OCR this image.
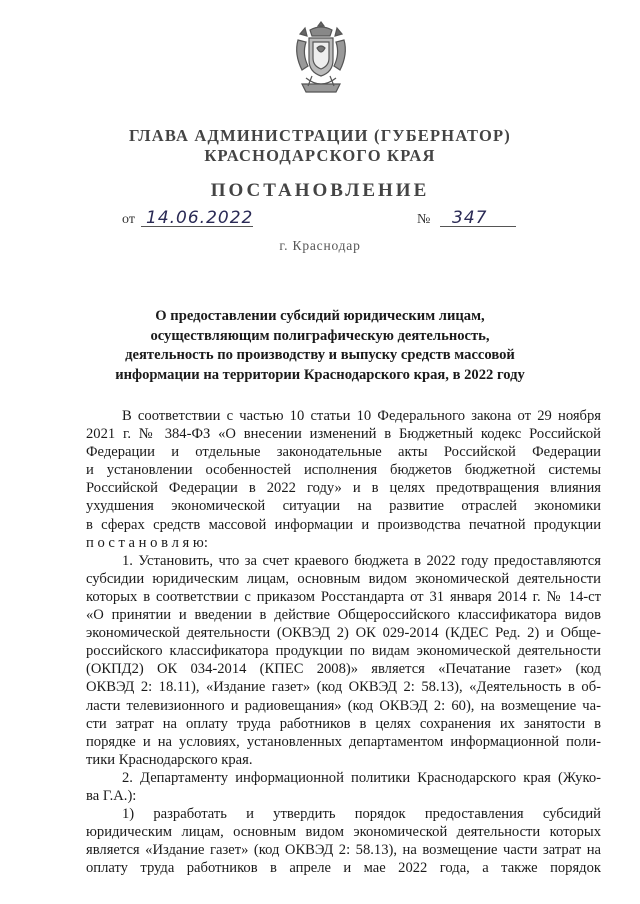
ГЛАВА АДМИНИСТРАЦИИ (ГУБЕРНАТОР)
КРАСНОДАРСКОГО КРАЯ
ПОСТАНОВЛЕНИЕ
от 14.06.2022	№ 347
г. Краснодар
О предоставлении субсидий юридическим лицам,
осуществляющим полиграфическую деятельность,
деятельность по производству и выпуску средств массовой
информации на территории Краснодарского края, в 2022 году
В соответствии с частью 10 статьи 10 Федерального закона от 29 ноября
2021 г. № 384-ФЗ «О внесении изменений в Бюджетный кодекс Российской
Федерации и отдельные законодательные акты Российской Федерации
и установлении особенностей исполнения бюджетов бюджетной системы
Российской Федерации в 2022 году» и в целях предотвращения влияния
ухудшения экономической ситуации на развитие отраслей экономики
в сферах средств массовой информации и производства печатной продукции
п о с т а н о в л я ю:
1. Установить, что за счет краевого бюджета в 2022 году предоставляются
субсидии юридическим лицам, основным видом экономической деятельности
которых в соответствии с приказом Росстандарта от 31 января 2014 г. № 14-ст
«О принятии и введении в действие Общероссийского классификатора видов
экономической деятельности (ОКВЭД 2) ОК 029-2014 (КДЕС Ред. 2) и Обще-
российского классификатора продукции по видам экономической деятельности
(ОКПД2) ОК 034-2014 (КПЕС 2008)» является «Печатание газет» (код
ОКВЭД 2: 18.11), «Издание газет» (код ОКВЭД 2: 58.13), «Деятельность в об-
ласти телевизионного и радиовещания» (код ОКВЭД 2: 60), на возмещение ча-
сти затрат на оплату труда работников в целях сохранения их занятости в
порядке и на условиях, установленных департаментом информационной поли-
тики Краснодарского края.
2. Департаменту информационной политики Краснодарского края (Жуко-
ва Г.А.):
1) разработать и утвердить порядок предоставления субсидий
юридическим лицам, основным видом экономической деятельности которых
является «Издание газет» (код ОКВЭД 2: 58.13), на возмещение части затрат на
оплату труда работников в апреле и мае 2022 года, а также порядок
